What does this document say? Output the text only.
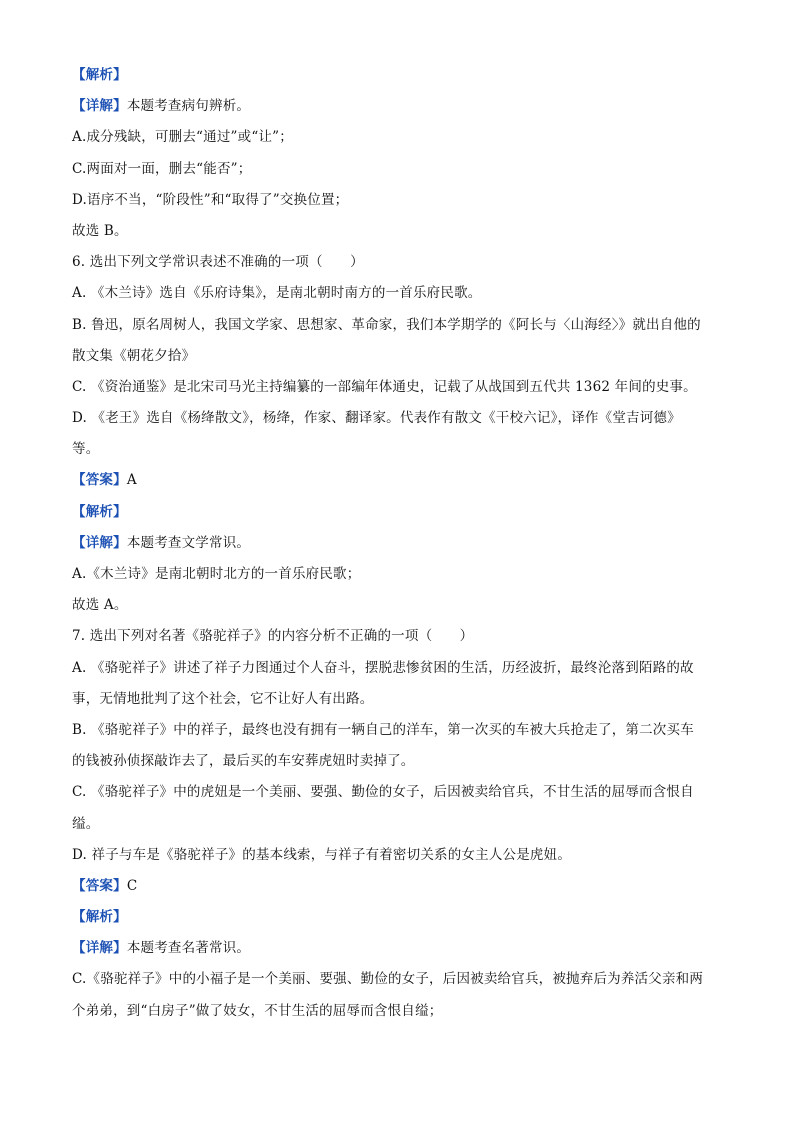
【解析】
【详解】本题考查病句辨析。
A.成分残缺，可删去“通过”或“让”；
C.两面对一面，删去“能否”；
D.语序不当，“阶段性”和“取得了”交换位置；
故选 B。
6. 选出下列文学常识表述不准确的一项（　　）
A. 《木兰诗》选自《乐府诗集》，是南北朝时南方的一首乐府民歌。
B. 鲁迅，原名周树人，我国文学家、思想家、革命家，我们本学期学的《阿长与〈山海经〉》就出自他的
散文集《朝花夕拾》
C. 《资治通鉴》是北宋司马光主持编纂的一部编年体通史，记载了从战国到五代共 1362 年间的史事。
D. 《老王》选自《杨绛散文》，杨绛，作家、翻译家。代表作有散文《干校六记》，译作《堂吉诃德》
等。
【答案】A
【解析】
【详解】本题考查文学常识。
A.《木兰诗》是南北朝时北方的一首乐府民歌；
故选 A。
7. 选出下列对名著《骆驼祥子》的内容分析不正确的一项（　　）
A. 《骆驼祥子》讲述了祥子力图通过个人奋斗，摆脱悲惨贫困的生活，历经波折，最终沦落到陌路的故
事，无情地批判了这个社会，它不让好人有出路。
B. 《骆驼祥子》中的祥子，最终也没有拥有一辆自己的洋车，第一次买的车被大兵抢走了，第二次买车
的钱被孙侦探敲诈去了，最后买的车安葬虎妞时卖掉了。
C. 《骆驼祥子》中的虎妞是一个美丽、要强、勤俭的女子，后因被卖给官兵，不甘生活的屈辱而含恨自
缢。
D. 祥子与车是《骆驼祥子》的基本线索，与祥子有着密切关系的女主人公是虎妞。
【答案】C
【解析】
【详解】本题考查名著常识。
C.《骆驼祥子》中的小福子是一个美丽、要强、勤俭的女子，后因被卖给官兵，被抛弃后为养活父亲和两
个弟弟，到“白房子”做了妓女，不甘生活的屈辱而含恨自缢；
